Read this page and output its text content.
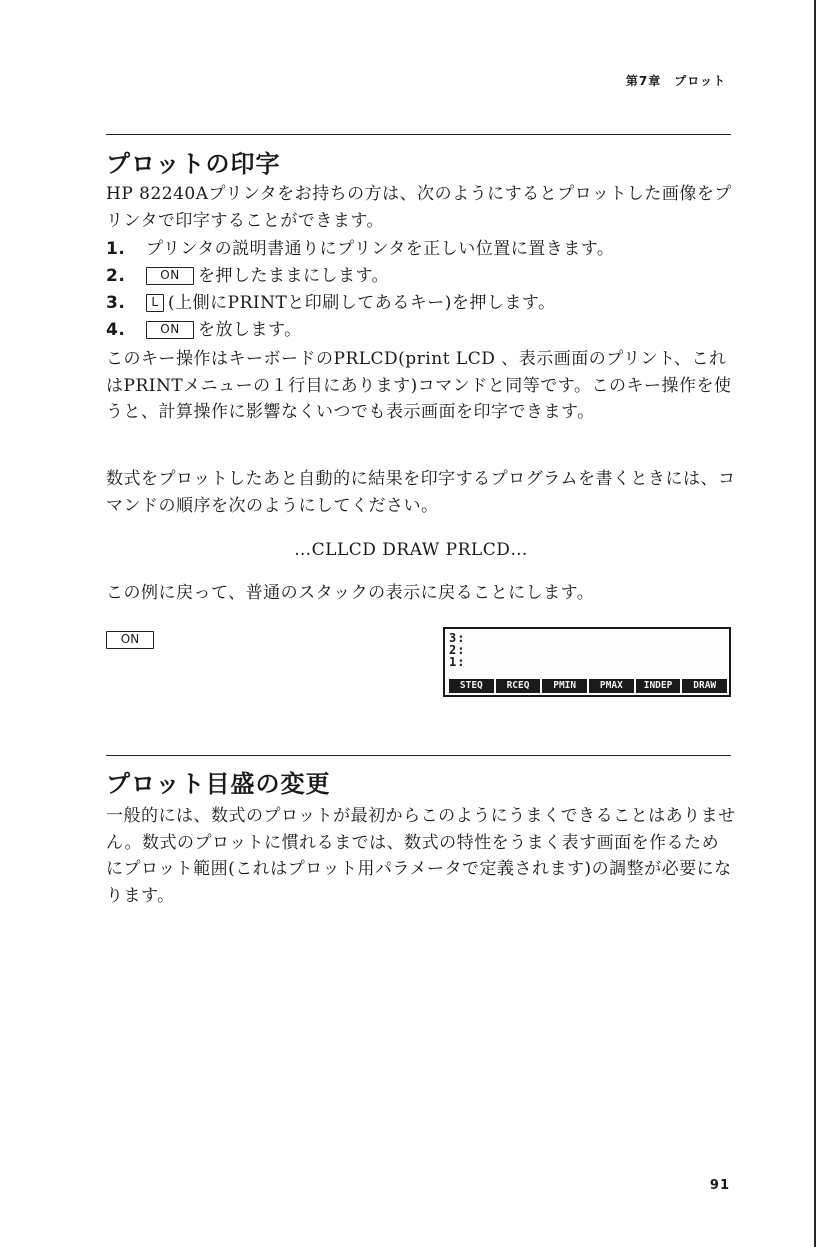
第7章　プロット
プロットの印字

HP 82240Aプリンタをお持ちの方は、次のようにするとプロットした画像をプリンタで印字することができます。

1.	プリンタの説明書通りにプリンタを正しい位置に置きます。
2.	ON	を押したままにします。
3.	L (上側にPRINTと印刷してあるキー)を押します。
4.	ON	を放します。

このキー操作はキーボードのPRLCD(print LCD 、表示画面のプリント、これはPRINTメニューの１行目にあります)コマンドと同等です。このキー操作を使うと、計算操作に影響なくいつでも表示画面を印字できます。

数式をプロットしたあと自動的に結果を印字するプログラムを書くときには、コマンドの順序を次のようにしてください。

…CLLCD DRAW PRLCD…

この例に戻って、普通のスタックの表示に戻ることにします。

ON	3:
2:
1:
STEQ	RCEQ	PMIN	PMAX	INDEP	DRAW
プロット目盛の変更

一般的には、数式のプロットが最初からこのようにうまくできることはありません。数式のプロットに慣れるまでは、数式の特性をうまく表す画面を作るためにプロット範囲(これはプロット用パラメータで定義されます)の調整が必要になります。

91
